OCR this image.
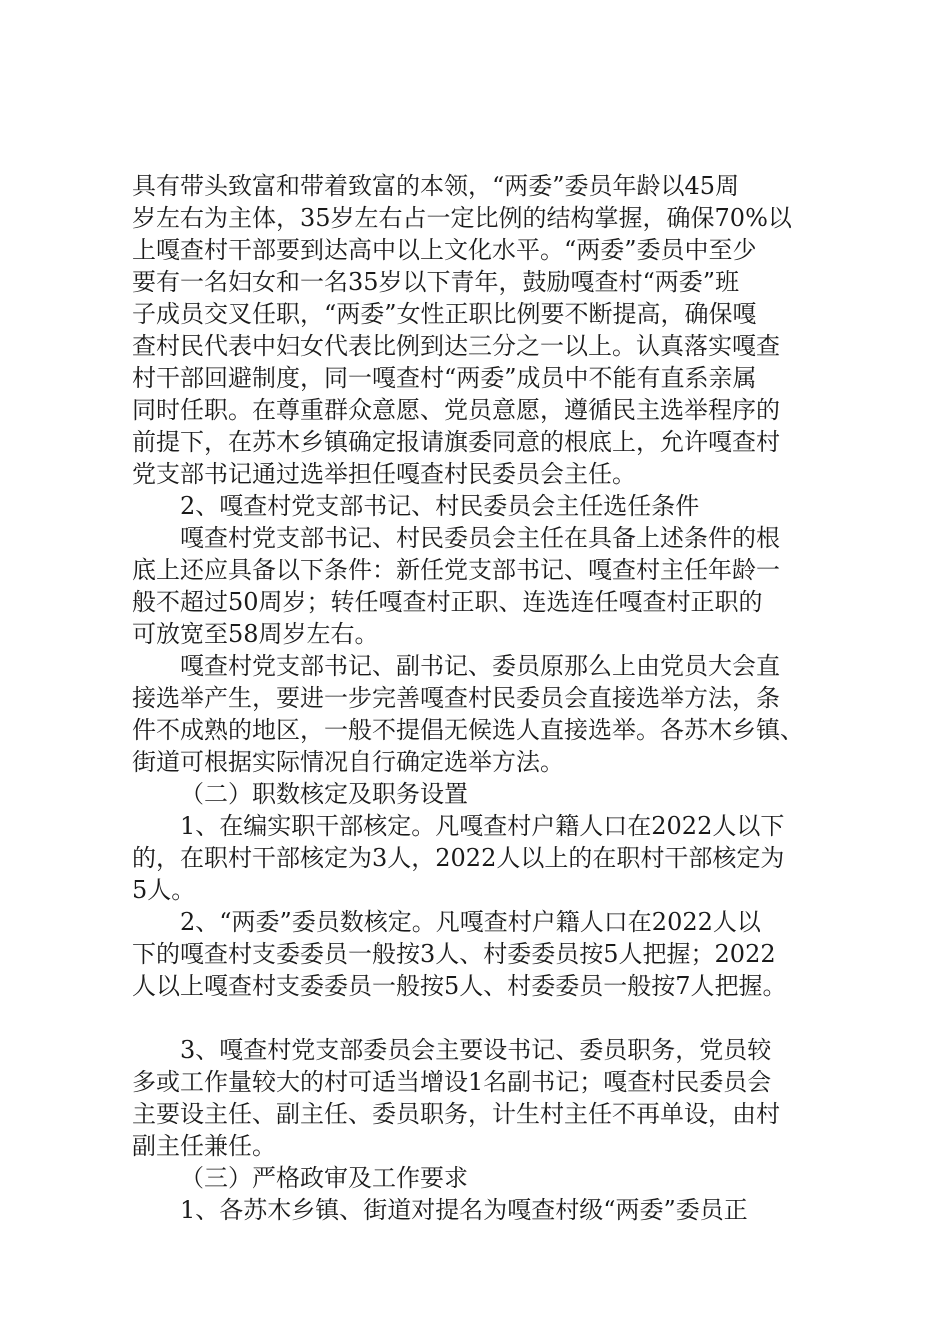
具有带头致富和带着致富的本领，“两委”委员年龄以45周
岁左右为主体，35岁左右占一定比例的结构掌握，确保70%以
上嘎查村干部要到达高中以上文化水平。“两委”委员中至少
要有一名妇女和一名35岁以下青年，鼓励嘎查村“两委”班
子成员交叉任职，“两委”女性正职比例要不断提高，确保嘎
查村民代表中妇女代表比例到达三分之一以上。认真落实嘎查
村干部回避制度，同一嘎查村“两委”成员中不能有直系亲属
同时任职。在尊重群众意愿、党员意愿，遵循民主选举程序的
前提下，在苏木乡镇确定报请旗委同意的根底上，允许嘎查村
党支部书记通过选举担任嘎查村民委员会主任。
2、嘎查村党支部书记、村民委员会主任选任条件
嘎查村党支部书记、村民委员会主任在具备上述条件的根
底上还应具备以下条件：新任党支部书记、嘎查村主任年龄一
般不超过50周岁；转任嘎查村正职、连选连任嘎查村正职的
可放宽至58周岁左右。
嘎查村党支部书记、副书记、委员原那么上由党员大会直
接选举产生，要进一步完善嘎查村民委员会直接选举方法，条
件不成熟的地区，一般不提倡无候选人直接选举。各苏木乡镇、
街道可根据实际情况自行确定选举方法。
（二）职数核定及职务设置
1、在编实职干部核定。凡嘎查村户籍人口在2022人以下
的，在职村干部核定为3人，2022人以上的在职村干部核定为
5人。
2、“两委”委员数核定。凡嘎查村户籍人口在2022人以
下的嘎查村支委委员一般按3人、村委委员按5人把握；2022
人以上嘎查村支委委员一般按5人、村委委员一般按7人把握。
3、嘎查村党支部委员会主要设书记、委员职务，党员较
多或工作量较大的村可适当增设1名副书记；嘎查村民委员会
主要设主任、副主任、委员职务，计生村主任不再单设，由村
副主任兼任。
（三）严格政审及工作要求
1、各苏木乡镇、街道对提名为嘎查村级“两委”委员正
